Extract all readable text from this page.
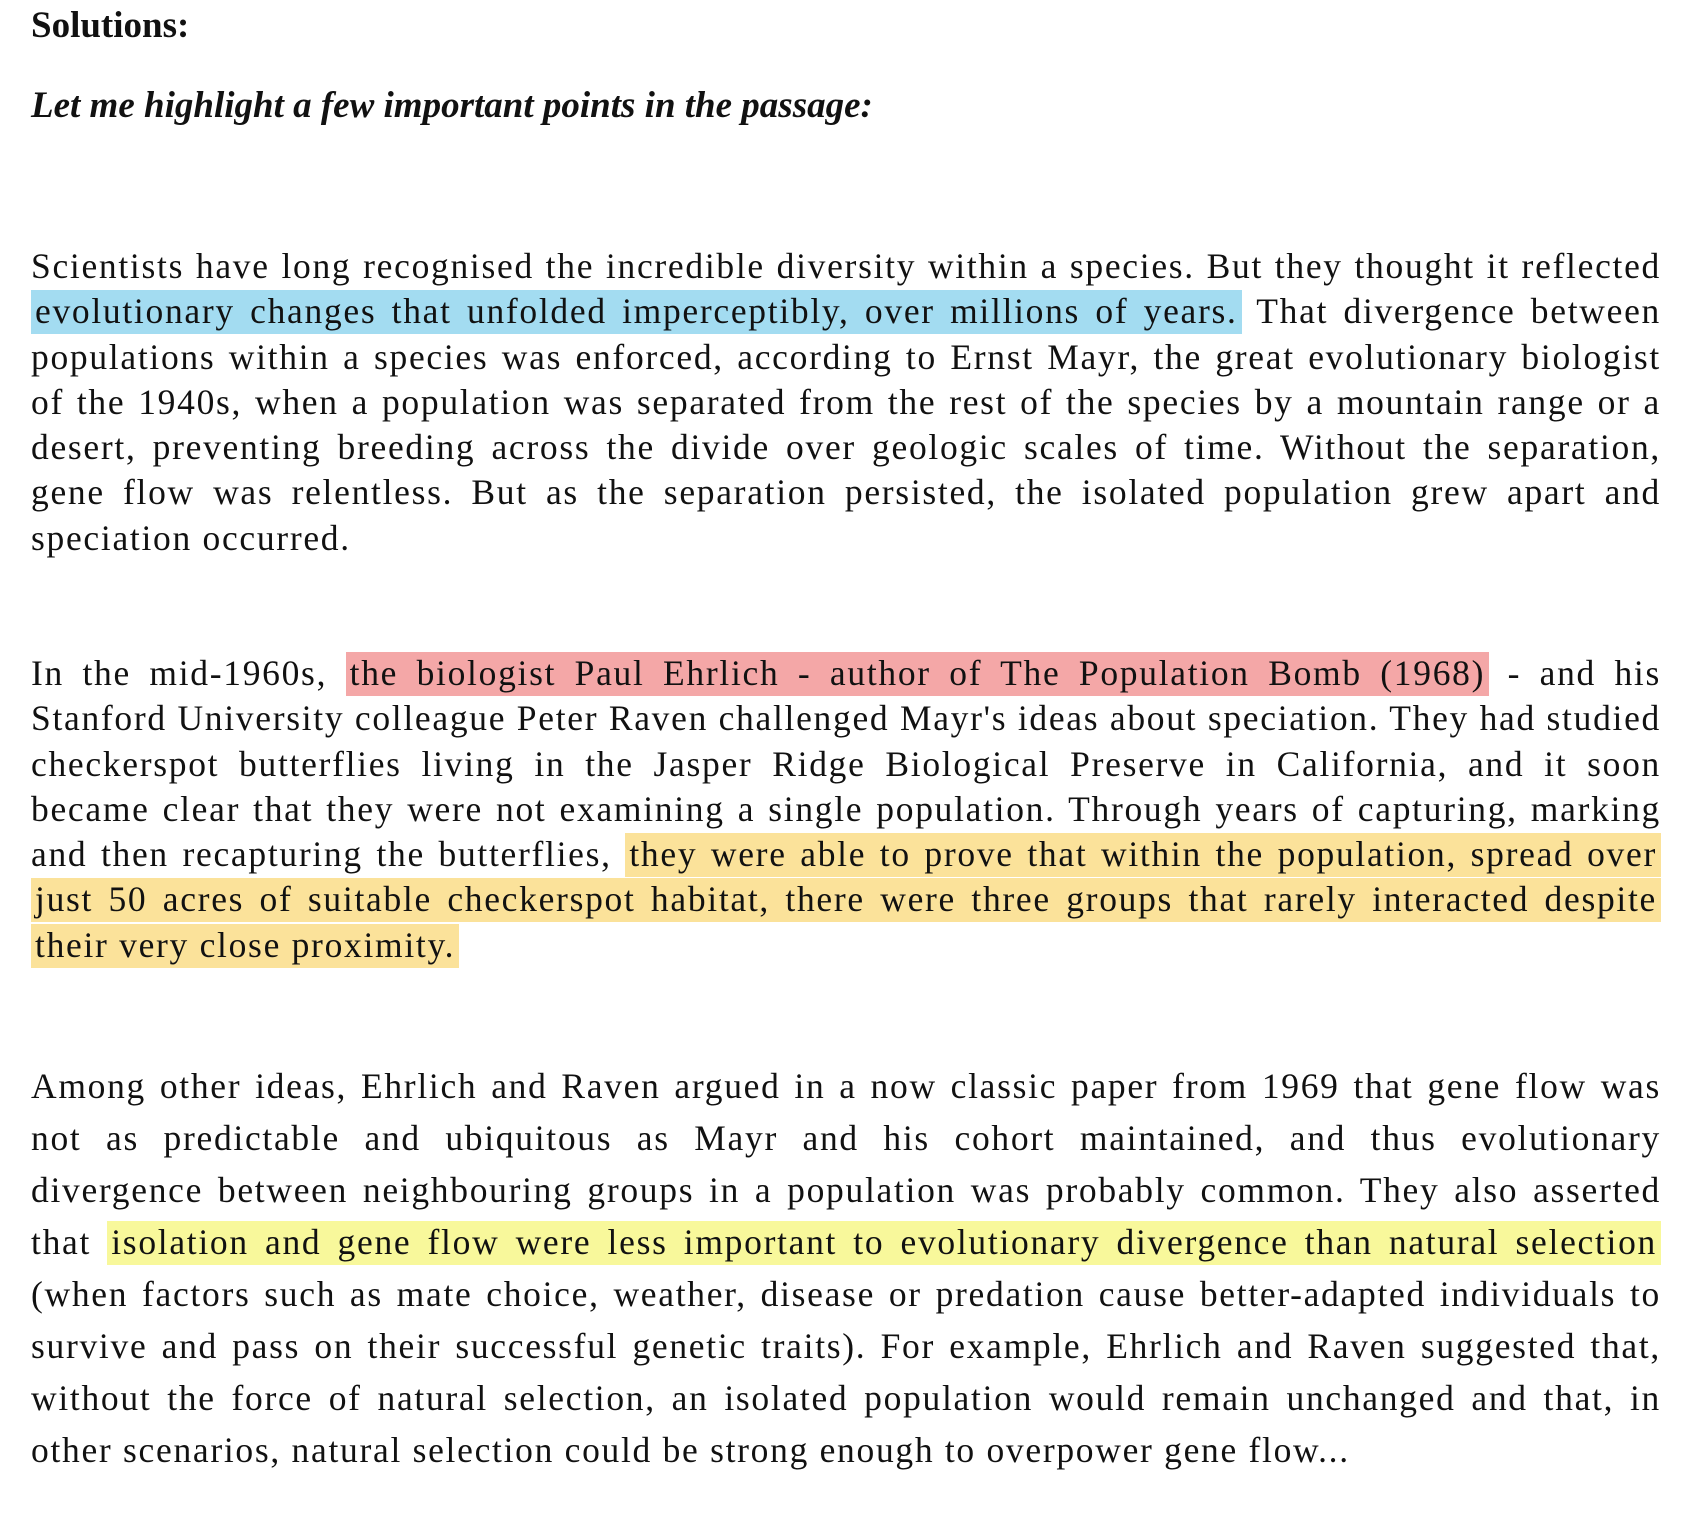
Solutions:
Let me highlight a few important points in the passage:

Scientists have long recognised the incredible diversity within a species. But they thought it reflected evolutionary changes that unfolded imperceptibly, over millions of years. That divergence between populations within a species was enforced, according to Ernst Mayr, the great evolutionary biologist of the 1940s, when a population was separated from the rest of the species by a mountain range or a desert, preventing breeding across the divide over geologic scales of time. Without the separation, gene flow was relentless. But as the separation persisted, the isolated population grew apart and speciation occurred.

In the mid-1960s, the biologist Paul Ehrlich - author of The Population Bomb (1968) - and his Stanford University colleague Peter Raven challenged Mayr's ideas about speciation. They had studied checkerspot butterflies living in the Jasper Ridge Biological Preserve in California, and it soon became clear that they were not examining a single population. Through years of capturing, marking and then recapturing the butterflies, they were able to prove that within the population, spread over just 50 acres of suitable checkerspot habitat, there were three groups that rarely interacted despite their very close proximity.

Among other ideas, Ehrlich and Raven argued in a now classic paper from 1969 that gene flow was not as predictable and ubiquitous as Mayr and his cohort maintained, and thus evolutionary divergence between neighbouring groups in a population was probably common. They also asserted that isolation and gene flow were less important to evolutionary divergence than natural selection (when factors such as mate choice, weather, disease or predation cause better-adapted individuals to survive and pass on their successful genetic traits). For example, Ehrlich and Raven suggested that, without the force of natural selection, an isolated population would remain unchanged and that, in other scenarios, natural selection could be strong enough to overpower gene flow...
